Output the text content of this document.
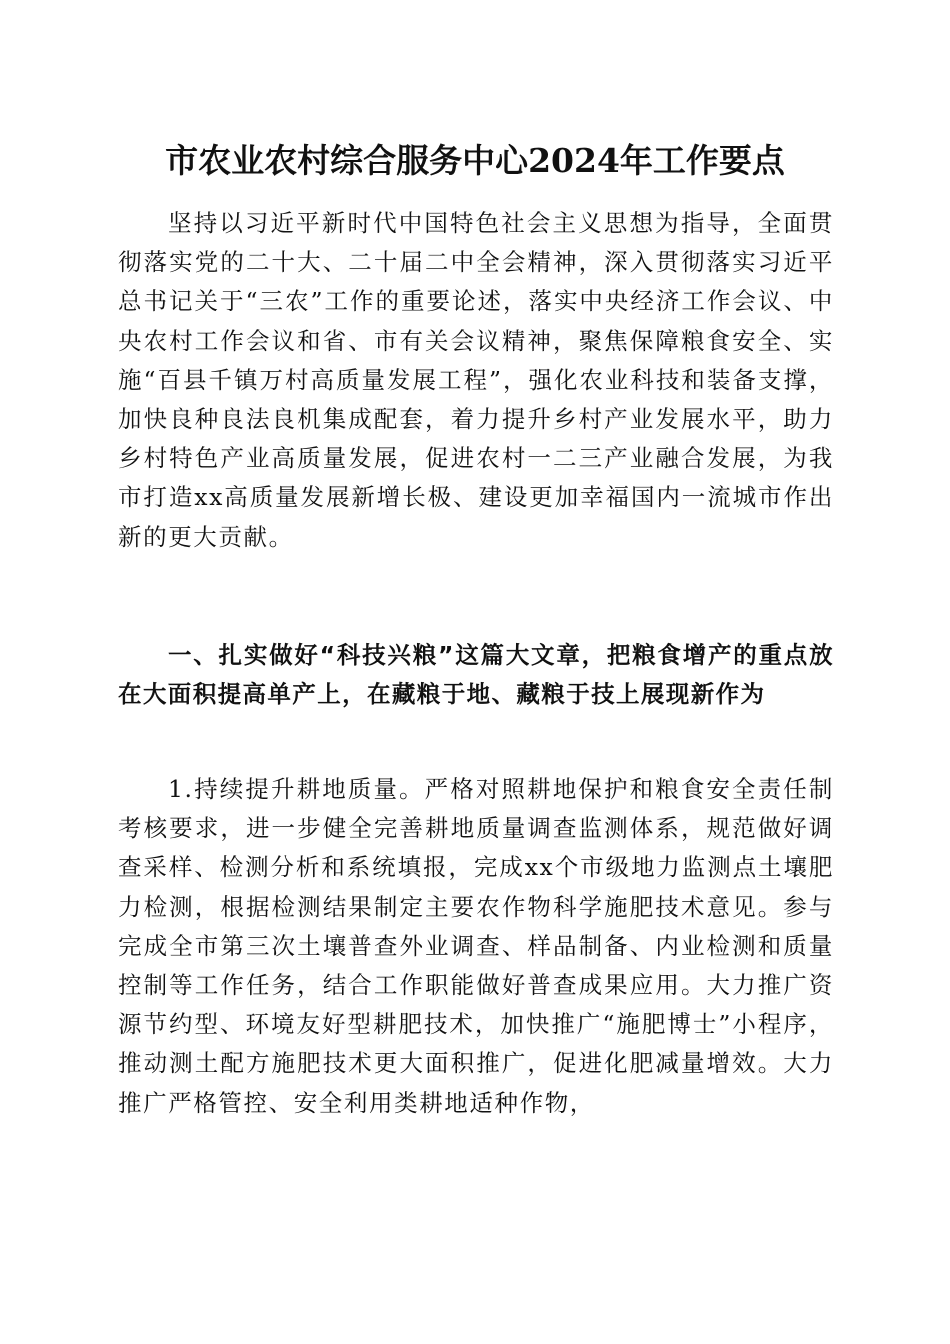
市农业农村综合服务中心2024年工作要点

坚持以习近平新时代中国特色社会主义思想为指导，全面贯彻落实党的二十大、二十届二中全会精神，深入贯彻落实习近平总书记关于“三农”工作的重要论述，落实中央经济工作会议、中央农村工作会议和省、市有关会议精神，聚焦保障粮食安全、实施“百县千镇万村高质量发展工程”，强化农业科技和装备支撑，加快良种良法良机集成配套，着力提升乡村产业发展水平，助力乡村特色产业高质量发展，促进农村一二三产业融合发展，为我市打造xx高质量发展新增长极、建设更加幸福国内一流城市作出新的更大贡献。

一、扎实做好“科技兴粮”这篇大文章，把粮食增产的重点放在大面积提高单产上，在藏粮于地、藏粮于技上展现新作为

1.持续提升耕地质量。严格对照耕地保护和粮食安全责任制考核要求，进一步健全完善耕地质量调查监测体系，规范做好调查采样、检测分析和系统填报，完成xx个市级地力监测点土壤肥力检测，根据检测结果制定主要农作物科学施肥技术意见。参与完成全市第三次土壤普查外业调查、样品制备、内业检测和质量控制等工作任务，结合工作职能做好普查成果应用。大力推广资源节约型、环境友好型耕肥技术，加快推广“施肥博士”小程序，推动测土配方施肥技术更大面积推广，促进化肥减量增效。大力推广严格管控、安全利用类耕地适种作物，
